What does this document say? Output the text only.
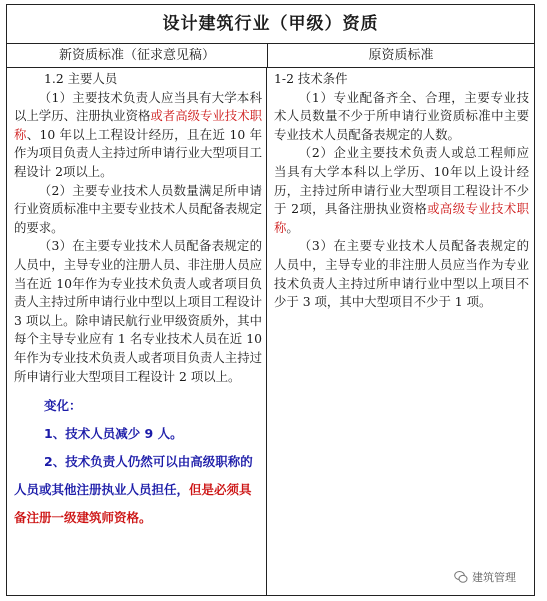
设计建筑行业（甲级）资质
新资质标准（征求意见稿）	原资质标准

1.2 主要人员

（1）主要技术负责人应当具有大学本科以上学历、注册执业资格或者高级专业技术职称、10 年以上工程设计经历，且在近 10 年作为项目负责人主持过所申请行业大型项目工程设计 2项以上。

（2）主要专业技术人员数量满足所申请行业资质标准中主要专业技术人员配备表规定的要求。

（3）在主要专业技术人员配备表规定的人员中，主导专业的注册人员、非注册人员应当在近 10年作为专业技术负责人或者项目负责人主持过所申请行业中型以上项目工程设计 3 项以上。除申请民航行业甲级资质外，其中每个主导专业应有 1 名专业技术人员在近 10年作为专业技术负责人或者项目负责人主持过所申请行业大型项目工程设计 2 项以上。

变化：
1、技术人员减少 9 人。
2、技术负责人仍然可以由高级职称的人员或其他注册执业人员担任，但是必须具备注册一级建筑师资格。

1-2 技术条件

（1）专业配备齐全、合理，主要专业技术人员数量不少于所申请行业资质标准中主要专业技术人员配备表规定的人数。

（2）企业主要技术负责人或总工程师应当具有大学本科以上学历、10年以上设计经历，主持过所申请行业大型项目工程设计不少于 2项，具备注册执业资格或高级专业技术职称。

（3）在主要专业技术人员配备表规定的人员中，主导专业的非注册人员应当作为专业技术负责人主持过所申请行业中型以上项目不少于 3 项，其中大型项目不少于 1 项。

建筑管理
